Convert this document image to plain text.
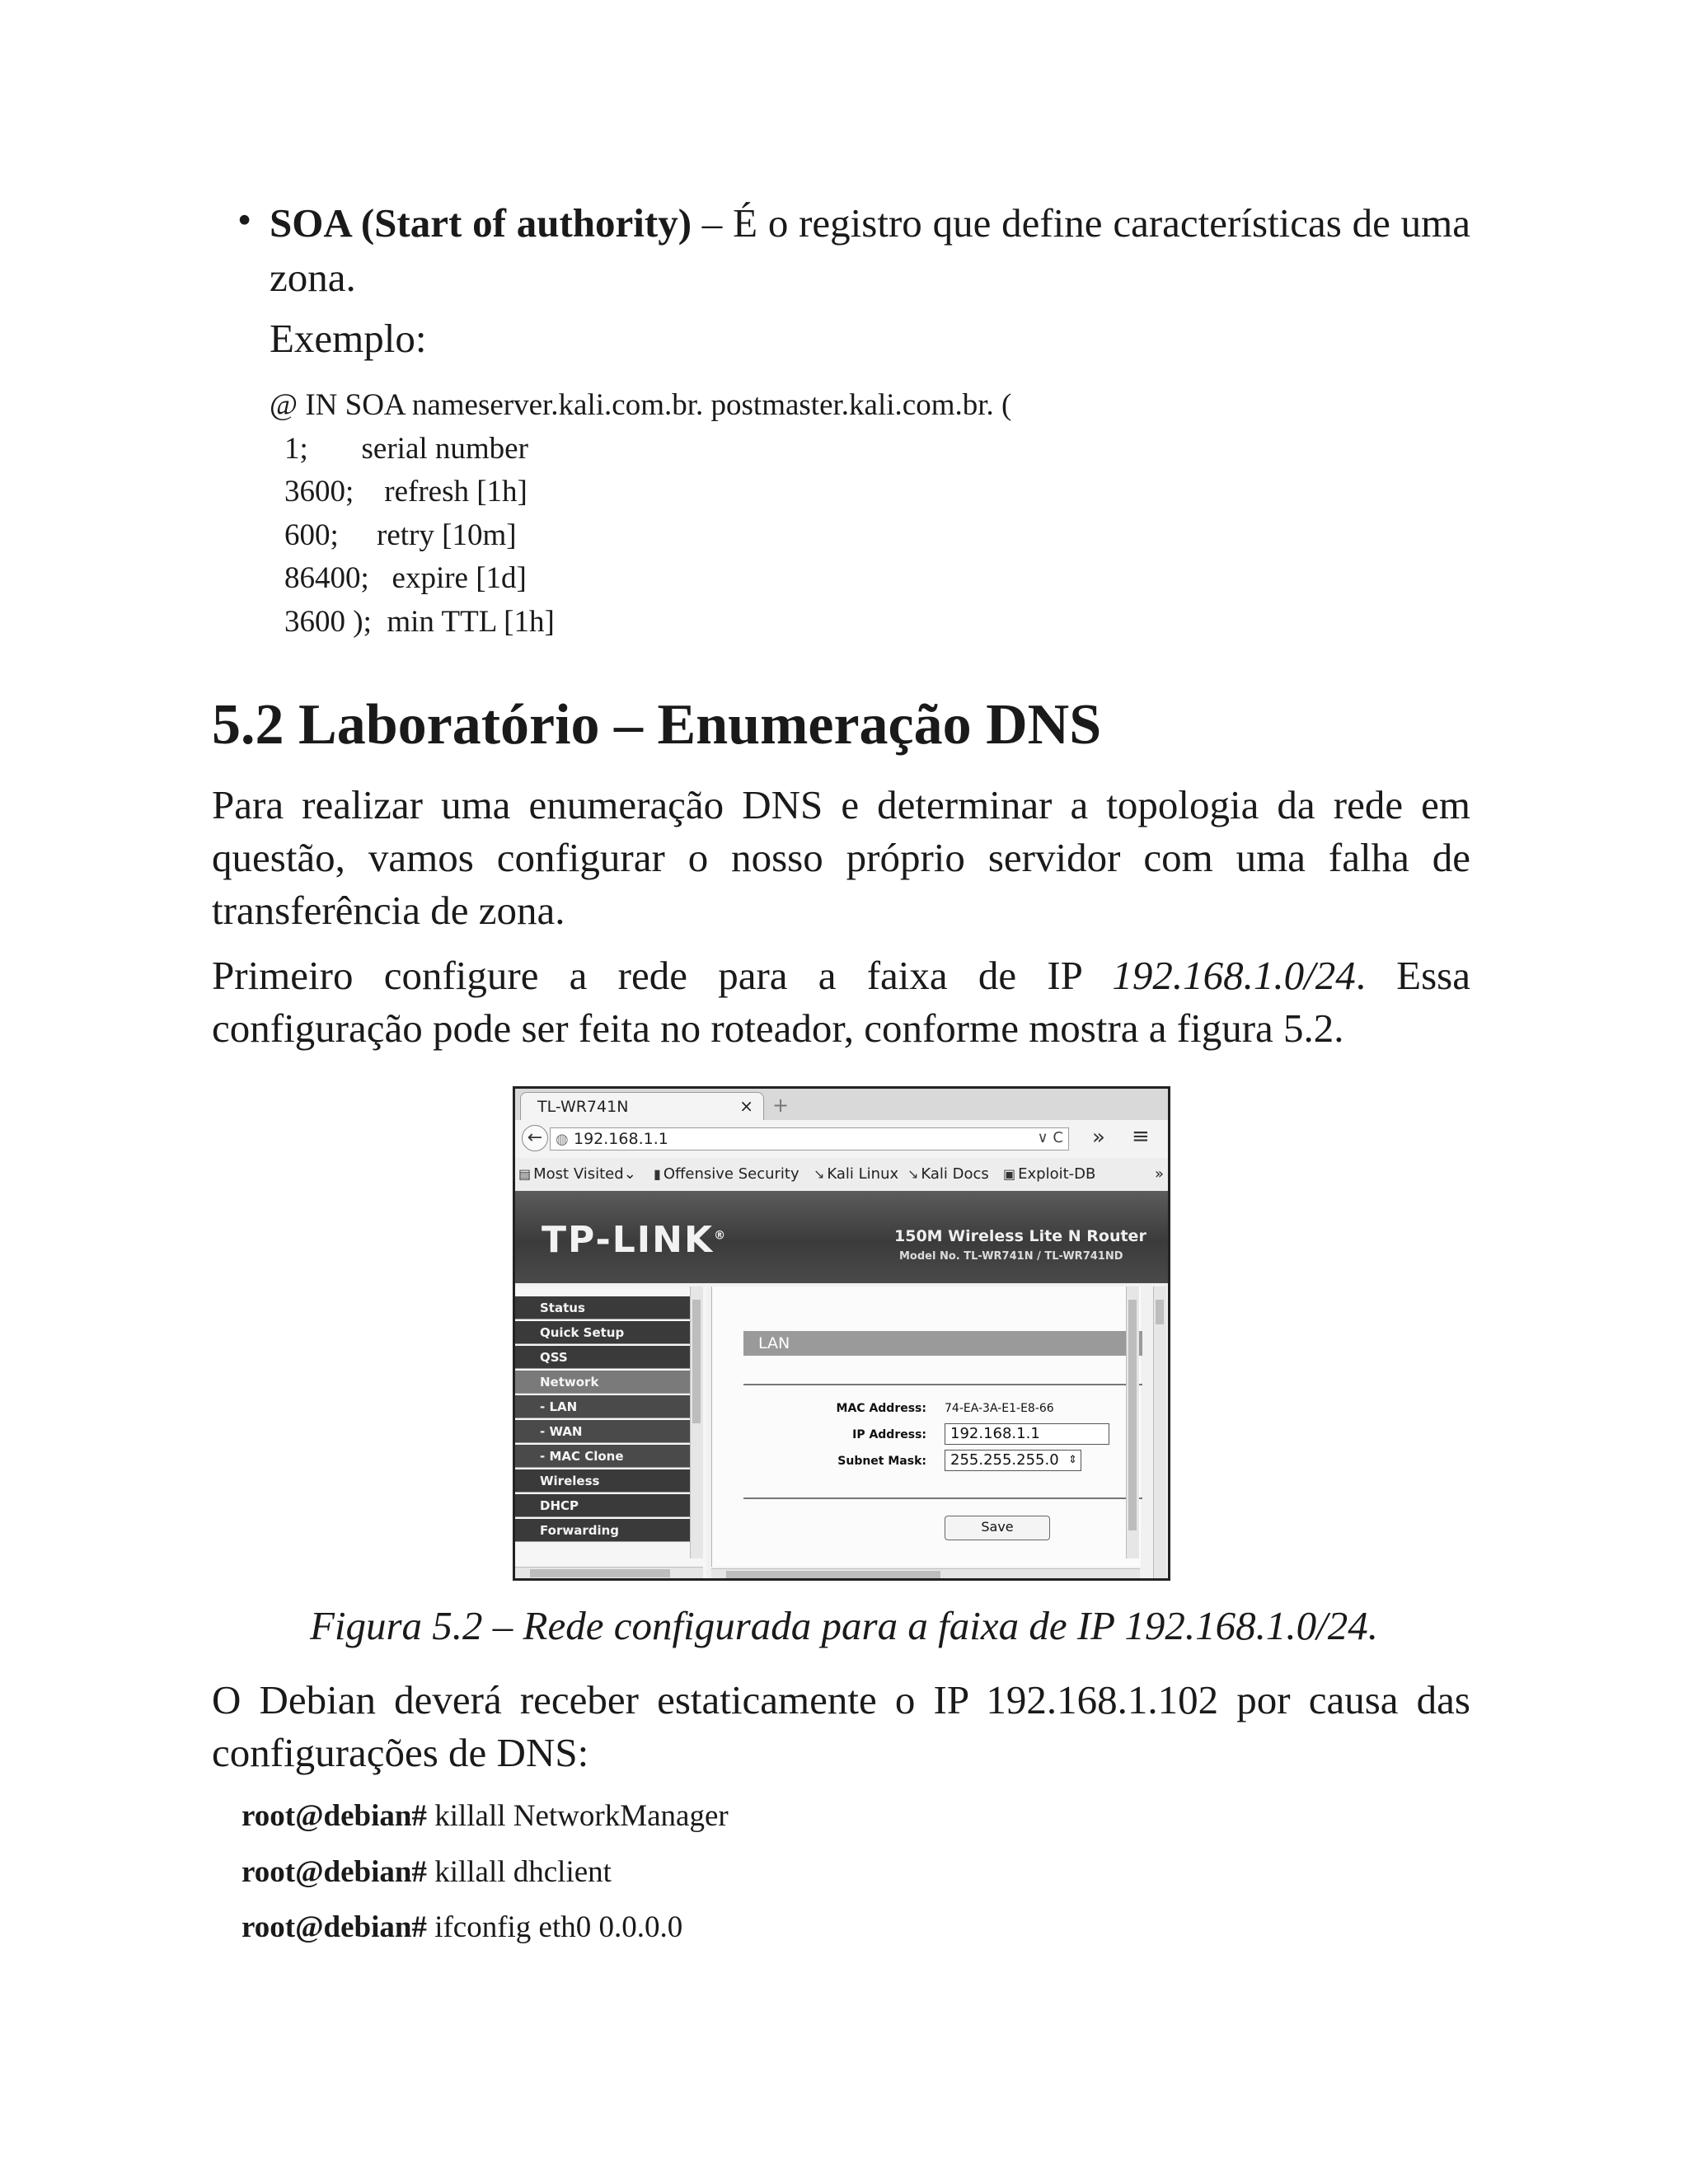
• SOA (Start of authority) – É o registro que define características de uma zona.

Exemplo:
@ IN SOA nameserver.kali.com.br. postmaster.kali.com.br. (
1;       serial number
3600;    refresh [1h]
600;     retry [10m]
86400;   expire [1d]
3600 );  min TTL [1h]
5.2 Laboratório – Enumeração DNS

Para realizar uma enumeração DNS e determinar a topologia da rede em questão, vamos configurar o nosso próprio servidor com uma falha de transferência de zona.

Primeiro configure a rede para a faixa de IP 192.168.1.0/24. Essa configuração pode ser feita no roteador, conforme mostra a figura 5.2.

TL-WR741N	× +
← ◍ 192.168.1.1	∨ C » ≡
▤ Most Visited⌄ ▮ Offensive Security ↘ Kali Linux ↘ Kali Docs ▣ Exploit-DB	»
TP-LINK®	150M Wireless Lite N Router
Model No. TL-WR741N / TL-WR741ND
Status
Quick Setup
QSS
Network
- LAN
- WAN
- MAC Clone
Wireless
DHCP
Forwarding
LAN
MAC Address: 74-EA-3A-E1-E8-66
IP Address:	192.168.1.1
Subnet Mask:	255.255.255.0 ⇕
Save

Figura 5.2 – Rede configurada para a faixa de IP 192.168.1.0/24.

O Debian deverá receber estaticamente o IP 192.168.1.102 por causa das configurações de DNS:

root@debian# killall NetworkManager
root@debian# killall dhclient
root@debian# ifconfig eth0 0.0.0.0
